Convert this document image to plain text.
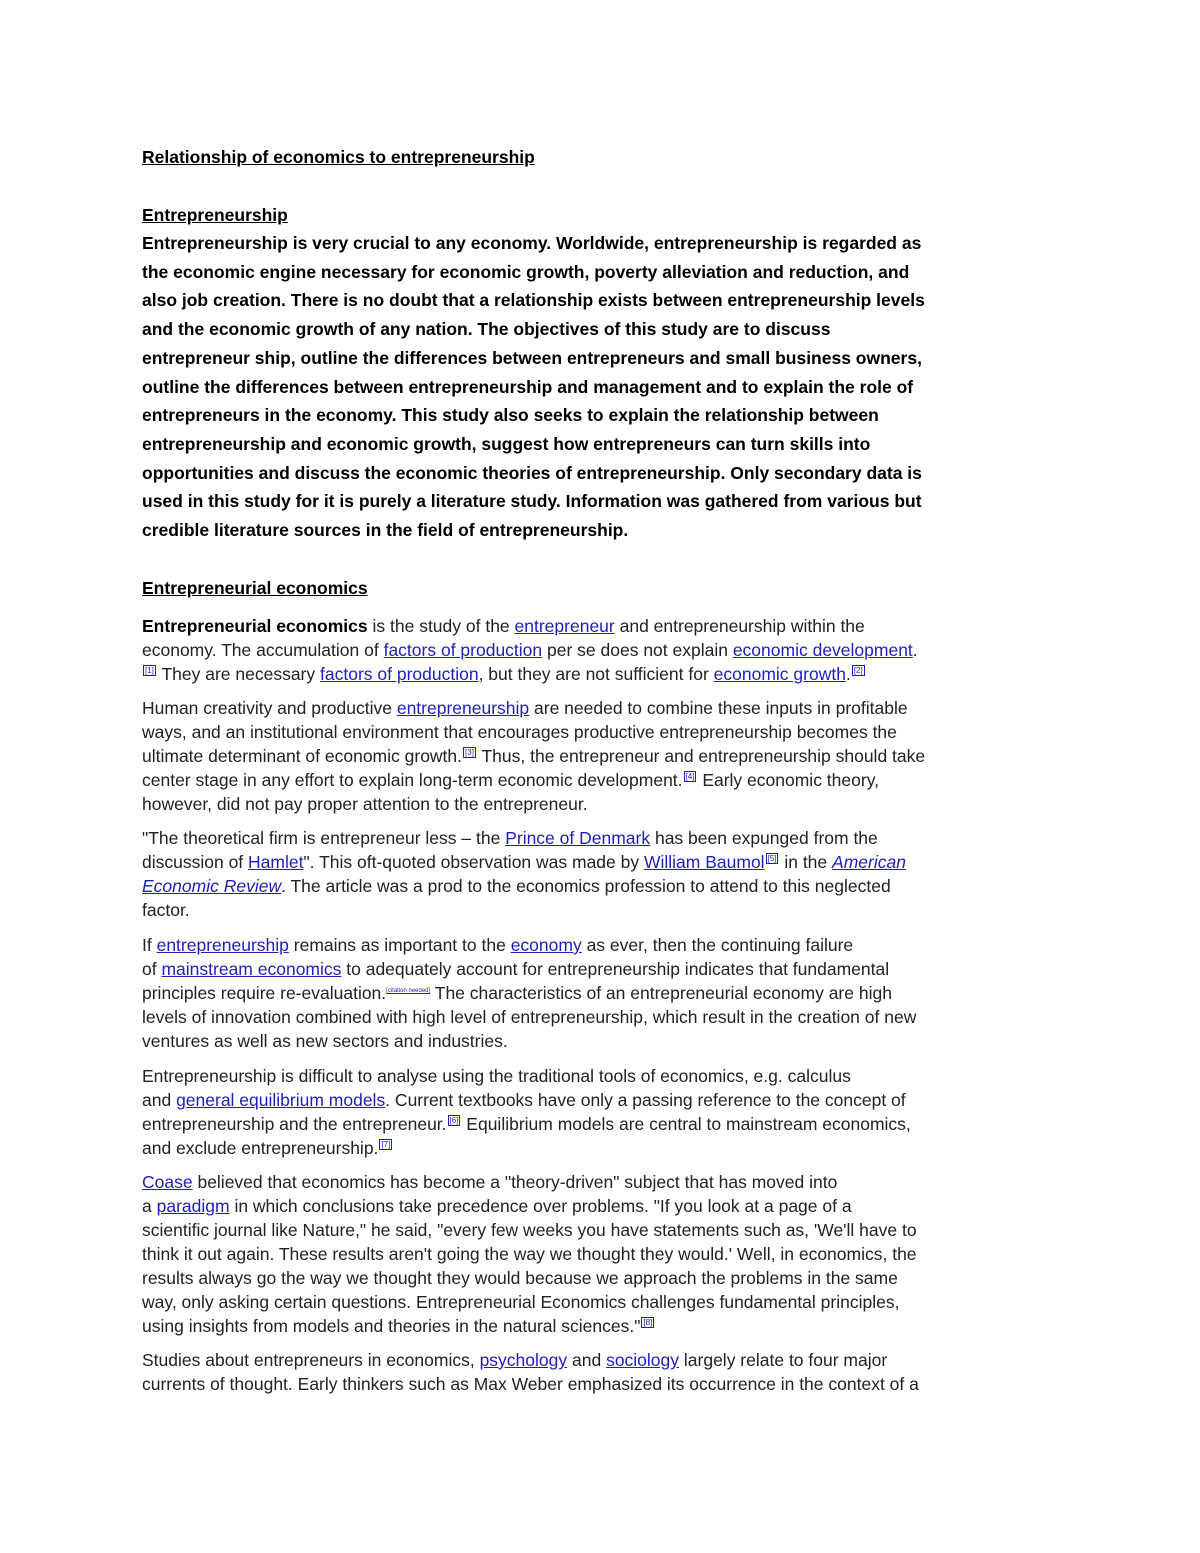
Relationship of economics to entrepreneurship
Entrepreneurship
Entrepreneurship is very crucial to any economy. Worldwide, entrepreneurship is regarded as
the economic engine necessary for economic growth, poverty alleviation and reduction, and
also job creation. There is no doubt that a relationship exists between entrepreneurship levels
and the economic growth of any nation. The objectives of this study are to discuss
entrepreneur ship, outline the differences between entrepreneurs and small business owners,
outline the differences between entrepreneurship and management and to explain the role of
entrepreneurs in the economy. This study also seeks to explain the relationship between
entrepreneurship and economic growth, suggest how entrepreneurs can turn skills into
opportunities and discuss the economic theories of entrepreneurship. Only secondary data is
used in this study for it is purely a literature study. Information was gathered from various but
credible literature sources in the field of entrepreneurship.
Entrepreneurial economics
Entrepreneurial economics is the study of the entrepreneur and entrepreneurship within the
economy. The accumulation of factors of production per se does not explain economic development.
[1] They are necessary factors of production, but they are not sufficient for economic growth. [2]
Human creativity and productive entrepreneurship are needed to combine these inputs in profitable
ways, and an institutional environment that encourages productive entrepreneurship becomes the
ultimate determinant of economic growth. [3] Thus, the entrepreneur and entrepreneurship should take
center stage in any effort to explain long-term economic development. [4] Early economic theory,
however, did not pay proper attention to the entrepreneur.
"The theoretical firm is entrepreneur less – the Prince of Denmark has been expunged from the
discussion of Hamlet". This oft-quoted observation was made by William Baumol [5] in the American
Economic Review. The article was a prod to the economics profession to attend to this neglected
factor.
If entrepreneurship remains as important to the economy as ever, then the continuing failure
of mainstream economics to adequately account for entrepreneurship indicates that fundamental
principles require re-evaluation.[citation needed] The characteristics of an entrepreneurial economy are high
levels of innovation combined with high level of entrepreneurship, which result in the creation of new
ventures as well as new sectors and industries.
Entrepreneurship is difficult to analyse using the traditional tools of economics, e.g. calculus
and general equilibrium models. Current textbooks have only a passing reference to the concept of
entrepreneurship and the entrepreneur. [6] Equilibrium models are central to mainstream economics,
and exclude entrepreneurship. [7]
Coase believed that economics has become a "theory-driven" subject that has moved into
a paradigm in which conclusions take precedence over problems. "If you look at a page of a
scientific journal like Nature," he said, "every few weeks you have statements such as, 'We'll have to
think it out again. These results aren't going the way we thought they would.' Well, in economics, the
results always go the way we thought they would because we approach the problems in the same
way, only asking certain questions. Entrepreneurial Economics challenges fundamental principles,
using insights from models and theories in the natural sciences." [8]
Studies about entrepreneurs in economics, psychology and sociology largely relate to four major
currents of thought. Early thinkers such as Max Weber emphasized its occurrence in the context of a
